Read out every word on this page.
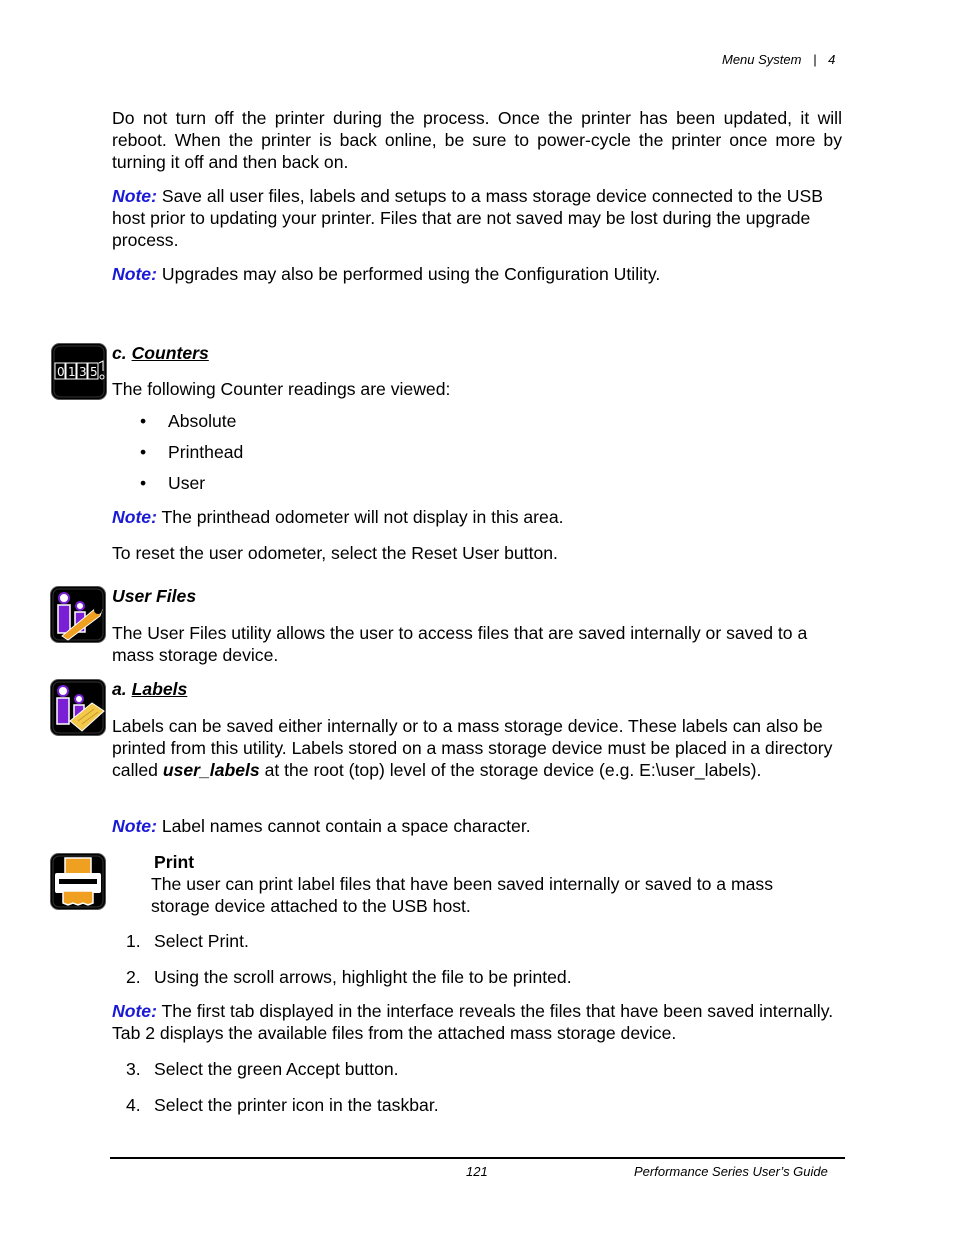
Menu System | 4
Do not turn off the printer during the process. Once the printer has been updated, it will reboot. When the printer is back online, be sure to power-cycle the printer once more by turning it off and then back on.
Note: Save all user files, labels and setups to a mass storage device connected to the USB host prior to updating your printer. Files that are not saved may be lost during the upgrade process.
Note: Upgrades may also be performed using the Configuration Utility.
0 1 3 5
c. Counters
The following Counter readings are viewed:
• Absolute
• Printhead
• User
Note: The printhead odometer will not display in this area.
To reset the user odometer, select the Reset User button.
User Files
The User Files utility allows the user to access files that are saved internally or saved to a mass storage device.
a. Labels
Labels can be saved either internally or to a mass storage device. These labels can also be printed from this utility. Labels stored on a mass storage device must be placed in a directory called user_labels at the root (top) level of the storage device (e.g. E:\user_labels).
Note: Label names cannot contain a space character.
Print
The user can print label files that have been saved internally or saved to a mass storage device attached to the USB host.
1. Select Print.
2. Using the scroll arrows, highlight the file to be printed.
Note: The first tab displayed in the interface reveals the files that have been saved internally. Tab 2 displays the available files from the attached mass storage device.
3. Select the green Accept button.
4. Select the printer icon in the taskbar.
121	Performance Series User’s Guide
